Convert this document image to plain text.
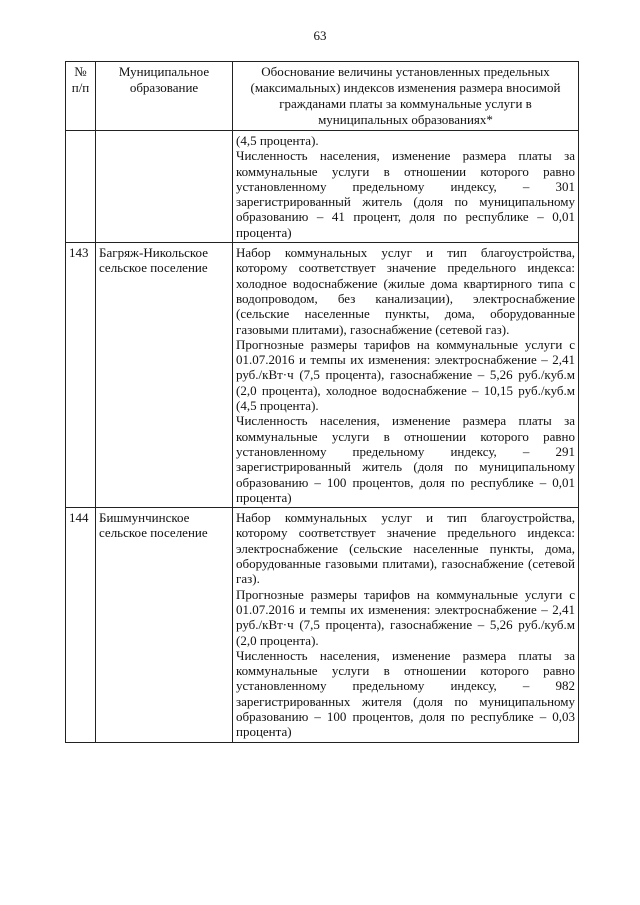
63
№ п/п	Муниципальное образование	Обоснование величины установленных предельных (максимальных) индексов изменения размера вносимой гражданами платы за коммунальные услуги в муниципальных образованиях*

		(4,5 процента).

Численность населения, изменение размера платы за коммунальные услуги в отношении которого равно установленному предельному индексу, – 301 зарегистрированный житель (доля по муниципальному образованию – 41 процент, доля по республике – 0,01 процента)

143	Багряж-Никольское сельское поселение	Набор коммунальных услуг и тип благоустройства, которому соответствует значение предельного индекса: холодное водоснабжение (жилые дома квартирного типа с водопроводом, без канализации), электроснабжение (сельские населенные пункты, дома, оборудованные газовыми плитами), газоснабжение (сетевой газ).

Прогнозные размеры тарифов на коммунальные услуги с 01.07.2016 и темпы их изменения: электроснабжение – 2,41 руб./кВт·ч (7,5 процента), газоснабжение – 5,26 руб./куб.м (2,0 процента), холодное водоснабжение – 10,15 руб./куб.м (4,5 процента).

Численность населения, изменение размера платы за коммунальные услуги в отношении которого равно установленному предельному индексу, – 291 зарегистрированный житель (доля по муниципальному образованию – 100 процентов, доля по республике – 0,01 процента)

144	Бишмунчинское сельское поселение	Набор коммунальных услуг и тип благоустройства, которому соответствует значение предельного индекса: электроснабжение (сельские населенные пункты, дома, оборудованные газовыми плитами), газоснабжение (сетевой газ).

Прогнозные размеры тарифов на коммунальные услуги с 01.07.2016 и темпы их изменения: электроснабжение – 2,41 руб./кВт·ч (7,5 процента), газоснабжение – 5,26 руб./куб.м (2,0 процента).

Численность населения, изменение размера платы за коммунальные услуги в отношении которого равно установленному предельному индексу, – 982 зарегистрированных жителя (доля по муниципальному образованию – 100 процентов, доля по республике – 0,03 процента)
